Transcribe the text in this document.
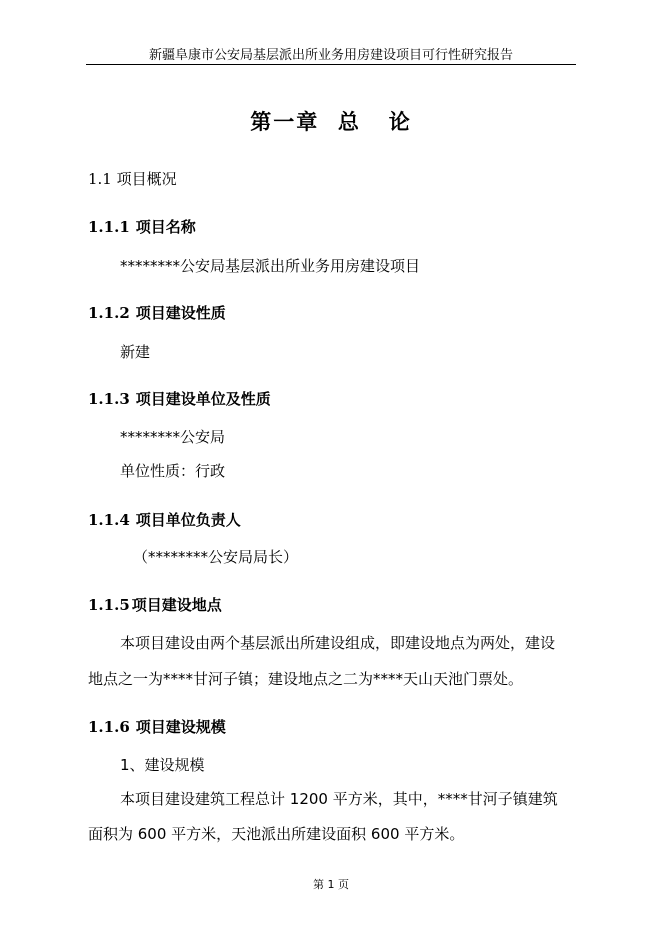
新疆阜康市公安局基层派出所业务用房建设项目可行性研究报告
第一章  总   论
1.1 项目概况
1.1.1 项目名称
********公安局基层派出所业务用房建设项目
1.1.2 项目建设性质
新建
1.1.3 项目建设单位及性质
********公安局
单位性质：行政
1.1.4 项目单位负责人
（********公安局局长）
1.1.5 项目建设地点
本项目建设由两个基层派出所建设组成，即建设地点为两处，建设
地点之一为****甘河子镇；建设地点之二为****天山天池门票处。
1.1.6 项目建设规模
1、建设规模
本项目建设建筑工程总计 1200 平方米，其中，****甘河子镇建筑
面积为 600 平方米，天池派出所建设面积 600 平方米。
第 1 页
